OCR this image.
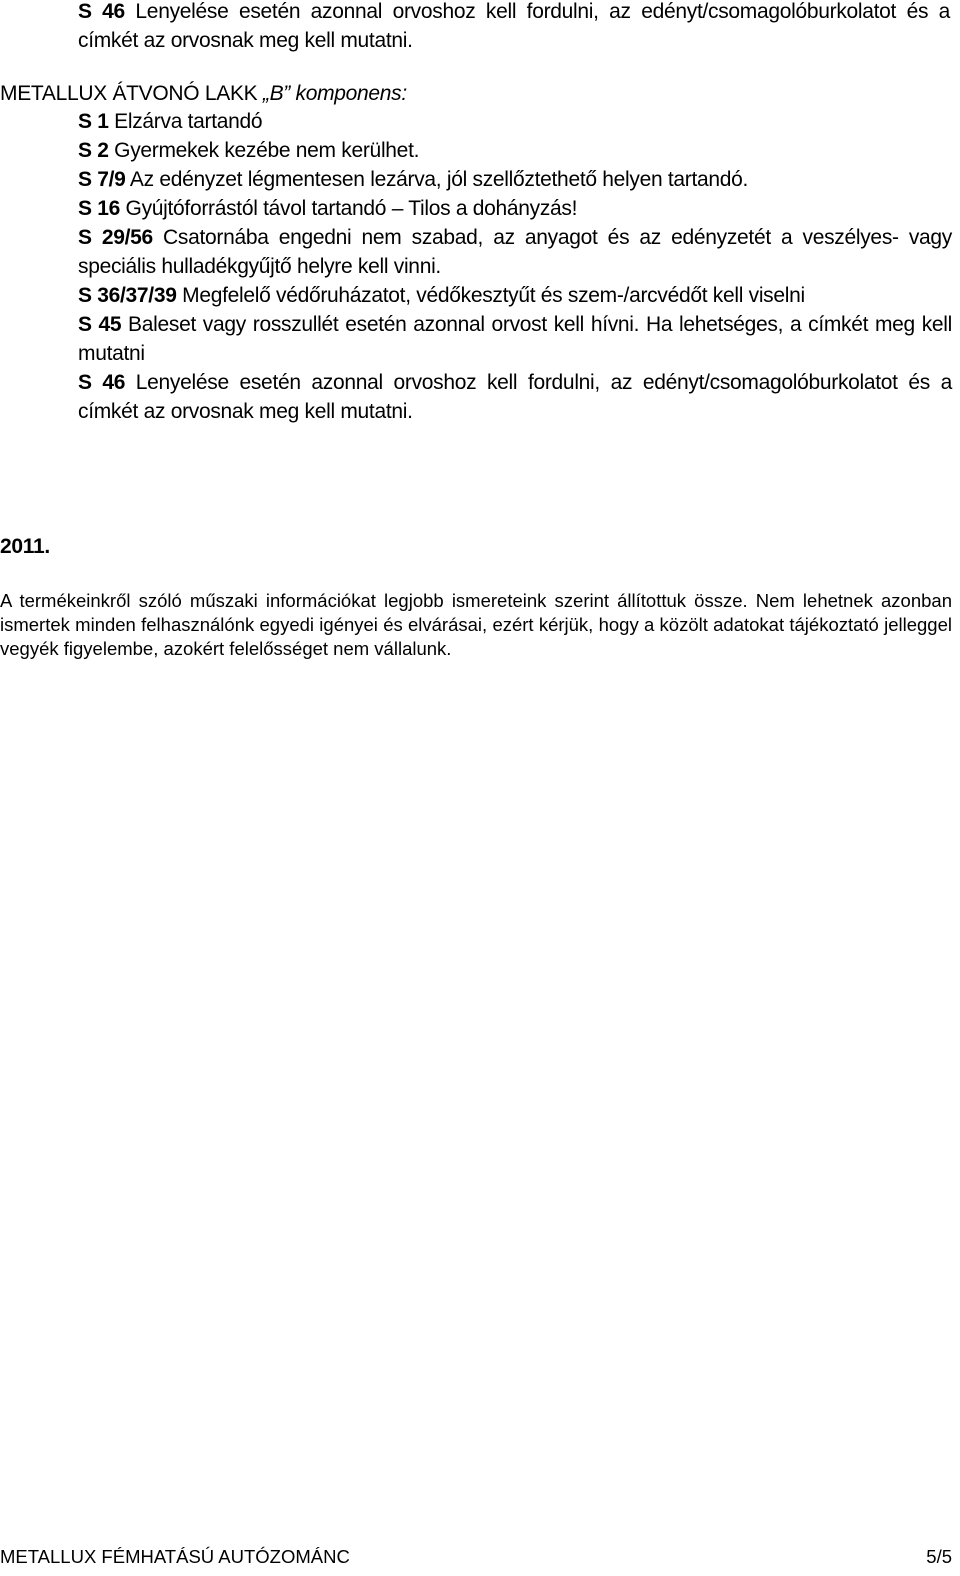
S 46 Lenyelése esetén azonnal orvoshoz kell fordulni, az edényt/csomagolóburkolatot és a címkét az orvosnak meg kell mutatni.
METALLUX ÁTVONÓ LAKK „B” komponens:

S 1 Elzárva tartandó

S 2 Gyermekek kezébe nem kerülhet.

S 7/9 Az edényzet légmentesen lezárva, jól szellőztethető helyen tartandó.

S 16 Gyújtóforrástól távol tartandó – Tilos a dohányzás!

S 29/56 Csatornába engedni nem szabad, az anyagot és az edényzetét a veszélyes- vagy speciális hulladékgyűjtő helyre kell vinni.

S 36/37/39 Megfelelő védőruházatot, védőkesztyűt és szem-/arcvédőt kell viselni

S 45 Baleset vagy rosszullét esetén azonnal orvost kell hívni. Ha lehetséges, a címkét meg kell mutatni

S 46 Lenyelése esetén azonnal orvoshoz kell fordulni, az edényt/csomagolóburkolatot és a címkét az orvosnak meg kell mutatni.

2011.
A termékeinkről szóló műszaki információkat legjobb ismereteink szerint állítottuk össze. Nem lehetnek azonban ismertek minden felhasználónk egyedi igényei és elvárásai, ezért kérjük, hogy a közölt adatokat tájékoztató jelleggel vegyék figyelembe, azokért felelősséget nem vállalunk.
METALLUX FÉMHATÁSÚ AUTÓZOMÁNC	5/5
